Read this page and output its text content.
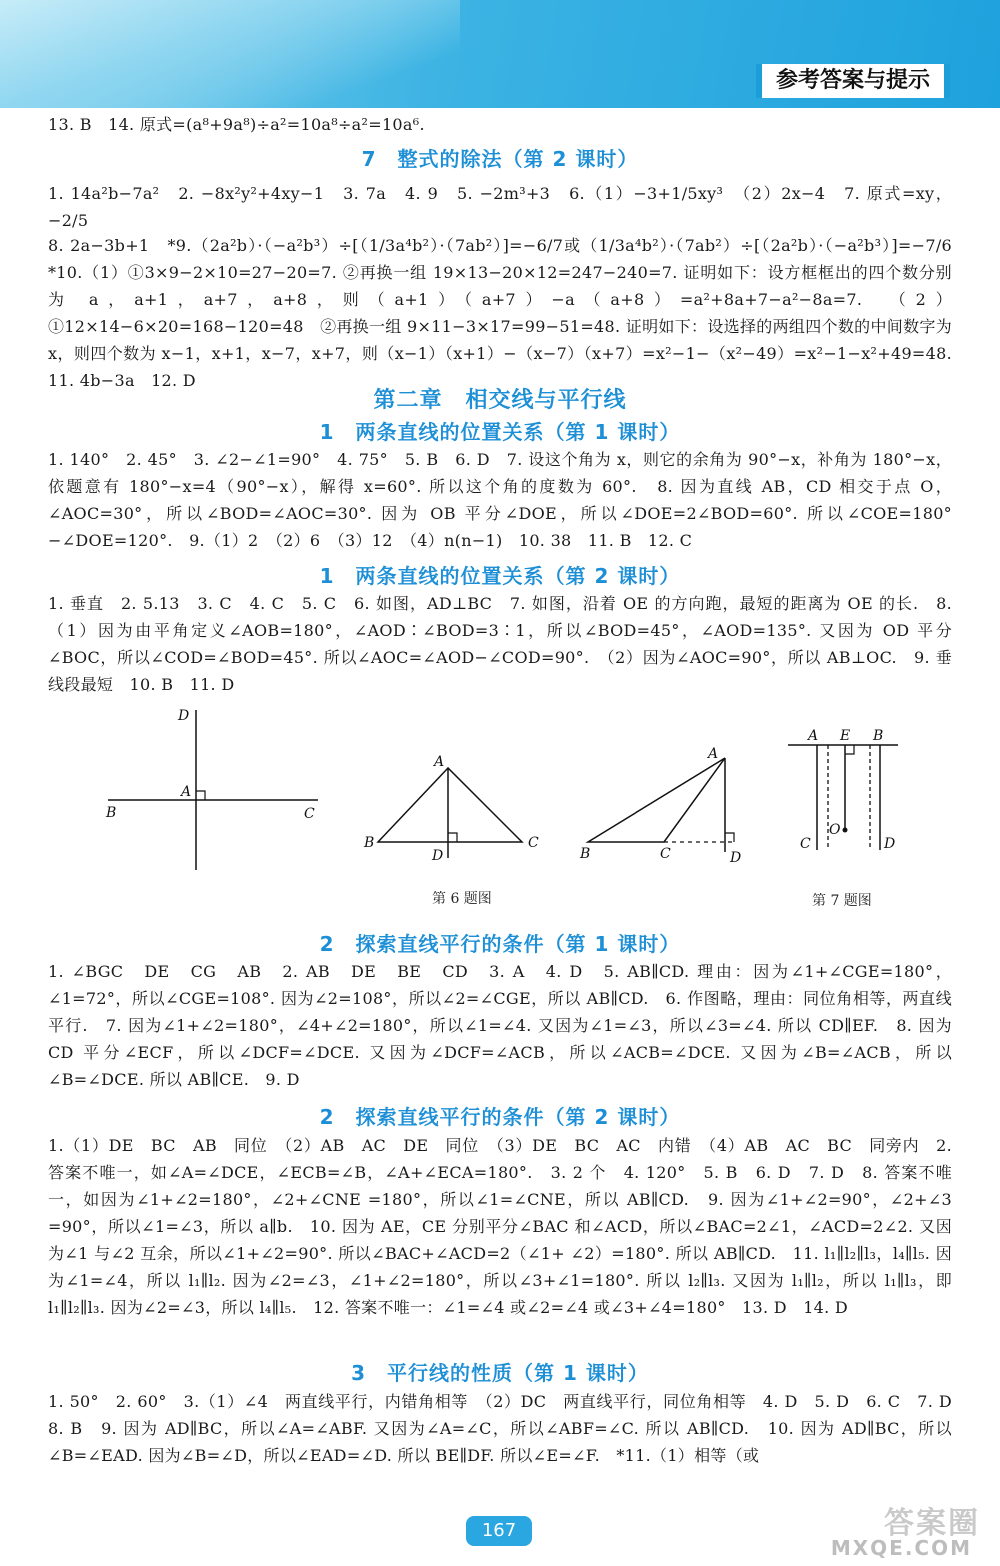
参考答案与提示
13. B　14. 原式=(a⁸+9a⁸)÷a²=10a⁸÷a²=10a⁶.
7　整式的除法（第 2 课时）
1. 14a²b−7a²　2. −8x²y²+4xy−1　3. 7a　4. 9　5. −2m³+3　6.（1）−3+1/5xy³　（2）2x−4　7. 原式=xy，−2/5
8. 2a−3b+1　*9.（2a²b）·（−a²b³）÷[（1/3a⁴b²）·（7ab²）]=−6/7或（1/3a⁴b²）·（7ab²）÷[（2a²b）·（−a²b³）]=−7/6　*10.（1）①3×9−2×10=27−20=7. ②再换一组 19×13−20×12=247−240=7. 证明如下：设方框框出的四个数分别为 a，a+1，a+7，a+8，则（a+1）（a+7）−a（a+8）=a²+8a+7−a²−8a=7.　（2）①12×14−6×20=168−120=48　②再换一组 9×11−3×17=99−51=48. 证明如下：设选择的两组四个数的中间数字为 x，则四个数为 x−1，x+1，x−7，x+7，则（x−1）（x+1）−（x−7）（x+7）=x²−1−（x²−49）=x²−1−x²+49=48.　11. 4b−3a　12. D
第二章　相交线与平行线
1　两条直线的位置关系（第 1 课时）
1. 140°　2. 45°　3. ∠2−∠1=90°　4. 75°　5. B　6. D　7. 设这个角为 x，则它的余角为 90°−x，补角为 180°−x，依题意有 180°−x=4（90°−x），解得 x=60°. 所以这个角的度数为 60°.　8. 因为直线 AB，CD 相交于点 O，∠AOC=30°，所以∠BOD=∠AOC=30°. 因为 OB 平分∠DOE，所以∠DOE=2∠BOD=60°. 所以∠COE=180°−∠DOE=120°.　9.（1）2　（2）6　（3）12　（4）n(n−1)　10. 38　11. B　12. C
1　两条直线的位置关系（第 2 课时）
1. 垂直　2. 5.13　3. C　4. C　5. C　6. 如图，AD⊥BC　7. 如图，沿着 OE 的方向跑，最短的距离为 OE 的长.　8.（1）因为由平角定义∠AOB=180°，∠AOD∶∠BOD=3∶1，所以∠BOD=45°，∠AOD=135°. 又因为 OD 平分∠BOC，所以∠COD=∠BOD=45°. 所以∠AOC=∠AOD−∠COD=90°.　（2）因为∠AOC=90°，所以 AB⊥OC.　9. 垂线段最短　10. B　11. D
D
A
B	C
A
B	C
D
A
B	C	D
A E B
O
C	D
第 6 题图	第 7 题图
2　探索直线平行的条件（第 1 课时）
1. ∠BGC　DE　CG　AB　2. AB　DE　BE　CD　3. A　4. D　5. AB∥CD. 理由：因为∠1+∠CGE=180°，∠1=72°，所以∠CGE=108°. 因为∠2=108°，所以∠2=∠CGE，所以 AB∥CD.　6. 作图略，理由：同位角相等，两直线平行.　7. 因为∠1+∠2=180°，∠4+∠2=180°，所以∠1=∠4. 又因为∠1=∠3，所以∠3=∠4. 所以 CD∥EF.　8. 因为 CD 平分∠ECF，所以∠DCF=∠DCE. 又因为∠DCF=∠ACB，所以∠ACB=∠DCE. 又因为∠B=∠ACB，所以∠B=∠DCE. 所以 AB∥CE.　9. D
2　探索直线平行的条件（第 2 课时）
1.（1）DE　BC　AB　同位　（2）AB　AC　DE　同位　（3）DE　BC　AC　内错　（4）AB　AC　BC　同旁内　2. 答案不唯一，如∠A=∠DCE，∠ECB=∠B，∠A+∠ECA=180°.　3. 2 个　4. 120°　5. B　6. D　7. D　8. 答案不唯一，如因为∠1+∠2=180°，∠2+∠CNE =180°，所以∠1=∠CNE，所以 AB∥CD.　9. 因为∠1+∠2=90°，∠2+∠3 =90°，所以∠1=∠3，所以 a∥b.　10. 因为 AE，CE 分别平分∠BAC 和∠ACD，所以∠BAC=2∠1，∠ACD=2∠2. 又因为∠1 与∠2 互余，所以∠1+∠2=90°. 所以∠BAC+∠ACD=2（∠1+ ∠2）=180°. 所以 AB∥CD.　11. l₁∥l₂∥l₃，l₄∥l₅. 因为∠1=∠4，所以 l₁∥l₂. 因为∠2=∠3，∠1+∠2=180°，所以∠3+∠1=180°. 所以 l₂∥l₃. 又因为 l₁∥l₂，所以 l₁∥l₃，即 l₁∥l₂∥l₃. 因为∠2=∠3，所以 l₄∥l₅.　12. 答案不唯一：∠1=∠4 或∠2=∠4 或∠3+∠4=180°　13. D　14. D
3　平行线的性质（第 1 课时）
1. 50°　2. 60°　3.（1）∠4　两直线平行，内错角相等　（2）DC　两直线平行，同位角相等　4. D　5. D　6. C　7. D　8. B　9. 因为 AD∥BC，所以∠A=∠ABF. 又因为∠A=∠C，所以∠ABF=∠C. 所以 AB∥CD.　10. 因为 AD∥BC，所以∠B=∠EAD. 因为∠B=∠D，所以∠EAD=∠D. 所以 BE∥DF. 所以∠E=∠F.　*11.（1）相等（或
167	答案圈
MXQE.COM
